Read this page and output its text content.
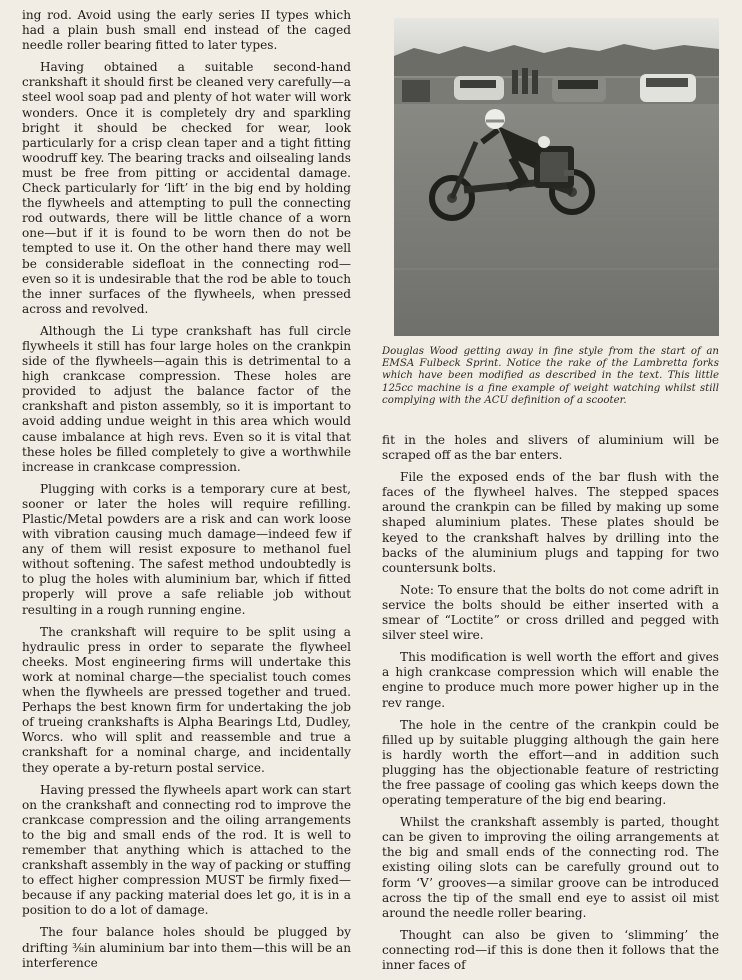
ing rod. Avoid using the early series II types which had a plain bush small end instead of the caged needle roller bearing fitted to later types.

Having obtained a suitable second-hand crankshaft it should first be cleaned very carefully—a steel wool soap pad and plenty of hot water will work wonders. Once it is completely dry and sparkling bright it should be checked for wear, look particularly for a crisp clean taper and a tight fitting woodruff key. The bearing tracks and oilsealing lands must be free from pitting or accidental damage. Check particularly for ‘lift’ in the big end by holding the flywheels and attempting to pull the connecting rod outwards, there will be little chance of a worn one—but if it is found to be worn then do not be tempted to use it. On the other hand there may well be considerable sidefloat in the connecting rod—even so it is undesirable that the rod be able to touch the inner surfaces of the flywheels, when pressed across and revolved.

Although the Li type crankshaft has full circle flywheels it still has four large holes on the crankpin side of the flywheels—again this is detrimental to a high crankcase compression. These holes are provided to adjust the balance factor of the crankshaft and piston assembly, so it is important to avoid adding undue weight in this area which would cause imbalance at high revs. Even so it is vital that these holes be filled completely to give a worthwhile increase in crankcase compression.

Plugging with corks is a temporary cure at best, sooner or later the holes will require refilling. Plastic/Metal powders are a risk and can work loose with vibration causing much damage—indeed few if any of them will resist exposure to methanol fuel without softening. The safest method undoubtedly is to plug the holes with aluminium bar, which if fitted properly will prove a safe reliable job without resulting in a rough running engine.

The crankshaft will require to be split using a hydraulic press in order to separate the flywheel cheeks. Most engineering firms will undertake this work at nominal charge—the specialist touch comes when the flywheels are pressed together and trued. Perhaps the best known firm for undertaking the job of trueing crankshafts is Alpha Bearings Ltd, Dudley, Worcs. who will split and reassemble and true a crankshaft for a nominal charge, and incidentally they operate a by-return postal service.

Having pressed the flywheels apart work can start on the crankshaft and connecting rod to improve the crankcase compression and the oiling arrangements to the big and small ends of the rod. It is well to remember that anything which is attached to the crankshaft assembly in the way of packing or stuffing to effect higher compression MUST be firmly fixed—because if any packing material does let go, it is in a position to do a lot of damage.

The four balance holes should be plugged by drifting ⅜in aluminium bar into them—this will be an interference

Douglas Wood getting away in fine style from the start of an EMSA Fulbeck Sprint. Notice the rake of the Lambretta forks which have been modified as described in the text. This little 125cc machine is a fine example of weight watching whilst still complying with the ACU definition of a scooter.

fit in the holes and slivers of aluminium will be scraped off as the bar enters.

File the exposed ends of the bar flush with the faces of the flywheel halves. The stepped spaces around the crankpin can be filled by making up some shaped aluminium plates. These plates should be keyed to the crankshaft halves by drilling into the backs of the aluminium plugs and tapping for two countersunk bolts.

Note: To ensure that the bolts do not come adrift in service the bolts should be either inserted with a smear of “Loctite” or cross drilled and pegged with silver steel wire.

This modification is well worth the effort and gives a high crankcase compression which will enable the engine to produce much more power higher up in the rev range.

The hole in the centre of the crankpin could be filled up by suitable plugging although the gain here is hardly worth the effort—and in addition such plugging has the objectionable feature of restricting the free passage of cooling gas which keeps down the operating temperature of the big end bearing.

Whilst the crankshaft assembly is parted, thought can be given to improving the oiling arrangements at the big and small ends of the connecting rod. The existing oiling slots can be carefully ground out to form ‘V’ grooves—a similar groove can be introduced across the tip of the small end eye to assist oil mist around the needle roller bearing.

Thought can also be given to ‘slimming’ the connecting rod—if this is done then it follows that the inner faces of
